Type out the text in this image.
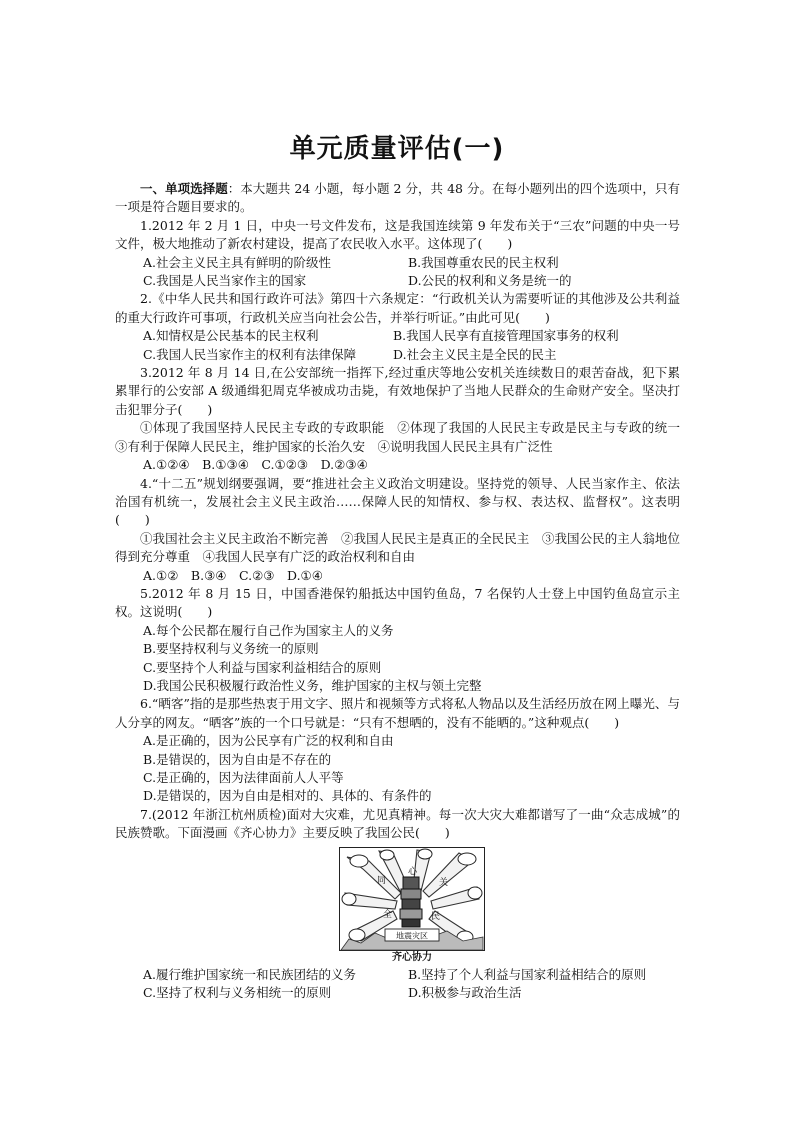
单元质量评估(一)

一、单项选择题：本大题共 24 小题，每小题 2 分，共 48 分。在每小题列出的四个选项中，只有一项是符合题目要求的。

1.2012 年 2 月 1 日，中央一号文件发布，这是我国连续第 9 年发布关于“三农”问题的中央一号文件，极大地推动了新农村建设，提高了农民收入水平。这体现了(　　)

A.社会主义民主具有鲜明的阶级性	B.我国尊重农民的民主权利
C.我国是人民当家作主的国家	D.公民的权利和义务是统一的

2.《中华人民共和国行政许可法》第四十六条规定：“行政机关认为需要听证的其他涉及公共利益的重大行政许可事项，行政机关应当向社会公告，并举行听证。”由此可见(　　)

A.知情权是公民基本的民主权利	B.我国人民享有直接管理国家事务的权利
C.我国人民当家作主的权利有法律保障	D.社会主义民主是全民的民主

3.2012 年 8 月 14 日,在公安部统一指挥下,经过重庆等地公安机关连续数日的艰苦奋战，犯下累累罪行的公安部 A 级通缉犯周克华被成功击毙，有效地保护了当地人民群众的生命财产安全。坚决打击犯罪分子(　　)

①体现了我国坚持人民民主专政的专政职能　②体现了我国的人民民主专政是民主与专政的统一　③有利于保障人民民主，维护国家的长治久安　④说明我国人民民主具有广泛性

A.①②④　B.①③④　C.①②③　D.②③④

4.“十二五”规划纲要强调，要“推进社会主义政治文明建设。坚持党的领导、人民当家作主、依法治国有机统一，发展社会主义民主政治……保障人民的知情权、参与权、表达权、监督权”。这表明(　　)

①我国社会主义民主政治不断完善　②我国人民民主是真正的全民民主　③我国公民的主人翁地位得到充分尊重　④我国人民享有广泛的政治权利和自由

A.①②　B.③④　C.②③　D.①④

5.2012 年 8 月 15 日，中国香港保钓船抵达中国钓鱼岛，7 名保钓人士登上中国钓鱼岛宣示主权。这说明(　　)

A.每个公民都在履行自己作为国家主人的义务

B.要坚持权利与义务统一的原则

C.要坚持个人利益与国家利益相结合的原则

D.我国公民积极履行政治性义务，维护国家的主权与领土完整

6.“晒客”指的是那些热衷于用文字、照片和视频等方式将私人物品以及生活经历放在网上曝光、与人分享的网友。“晒客”族的一个口号就是：“只有不想晒的，没有不能晒的。”这种观点(　　)

A.是正确的，因为公民享有广泛的权利和自由

B.是错误的，因为自由是不存在的

C.是正确的，因为法律面前人人平等

D.是错误的，因为自由是相对的、具体的、有条件的

7.(2012 年浙江杭州质检)面对大灾难，尤见真精神。每一次大灾大难都谱写了一曲“众志成城”的民族赞歌。下面漫画《齐心协力》主要反映了我国公民(　　)

地震灾区
同
心
关
全	民
齐心协力
A.履行维护国家统一和民族团结的义务	B.坚持了个人利益与国家利益相结合的原则
C.坚持了权利与义务相统一的原则	D.积极参与政治生活
